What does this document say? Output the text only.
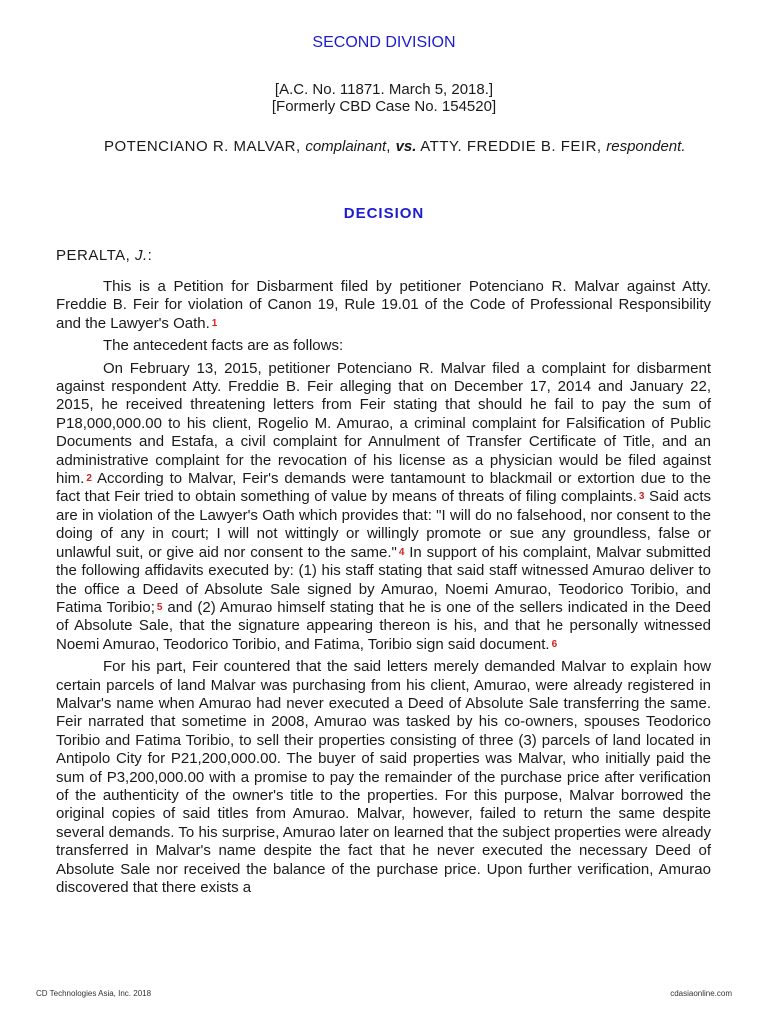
SECOND DIVISION
[A.C. No. 11871. March 5, 2018.]
[Formerly CBD Case No. 154520]
POTENCIANO R. MALVAR, complainant, vs. ATTY. FREDDIE B. FEIR, respondent.
DECISION
PERALTA, J.:

This is a Petition for Disbarment filed by petitioner Potenciano R. Malvar against Atty. Freddie B. Feir for violation of Canon 19, Rule 19.01 of the Code of Professional Responsibility and the Lawyer's Oath. 1

The antecedent facts are as follows:

On February 13, 2015, petitioner Potenciano R. Malvar filed a complaint for disbarment against respondent Atty. Freddie B. Feir alleging that on December 17, 2014 and January 22, 2015, he received threatening letters from Feir stating that should he fail to pay the sum of P18,000,000.00 to his client, Rogelio M. Amurao, a criminal complaint for Falsification of Public Documents and Estafa, a civil complaint for Annulment of Transfer Certificate of Title, and an administrative complaint for the revocation of his license as a physician would be filed against him. 2 According to Malvar, Feir's demands were tantamount to blackmail or extortion due to the fact that Feir tried to obtain something of value by means of threats of filing complaints. 3 Said acts are in violation of the Lawyer's Oath which provides that: "I will do no falsehood, nor consent to the doing of any in court; I will not wittingly or willingly promote or sue any groundless, false or unlawful suit, or give aid nor consent to the same." 4 In support of his complaint, Malvar submitted the following affidavits executed by: (1) his staff stating that said staff witnessed Amurao deliver to the office a Deed of Absolute Sale signed by Amurao, Noemi Amurao, Teodorico Toribio, and Fatima Toribio; 5 and (2) Amurao himself stating that he is one of the sellers indicated in the Deed of Absolute Sale, that the signature appearing thereon is his, and that he personally witnessed Noemi Amurao, Teodorico Toribio, and Fatima, Toribio sign said document. 6

For his part, Feir countered that the said letters merely demanded Malvar to explain how certain parcels of land Malvar was purchasing from his client, Amurao, were already registered in Malvar's name when Amurao had never executed a Deed of Absolute Sale transferring the same. Feir narrated that sometime in 2008, Amurao was tasked by his co-owners, spouses Teodorico Toribio and Fatima Toribio, to sell their properties consisting of three (3) parcels of land located in Antipolo City for P21,200,000.00. The buyer of said properties was Malvar, who initially paid the sum of P3,200,000.00 with a promise to pay the remainder of the purchase price after verification of the authenticity of the owner's title to the properties. For this purpose, Malvar borrowed the original copies of said titles from Amurao. Malvar, however, failed to return the same despite several demands. To his surprise, Amurao later on learned that the subject properties were already transferred in Malvar's name despite the fact that he never executed the necessary Deed of Absolute Sale nor received the balance of the purchase price. Upon further verification, Amurao discovered that there exists a

CD Technologies Asia, Inc. 2018	cdasiaonline.com
